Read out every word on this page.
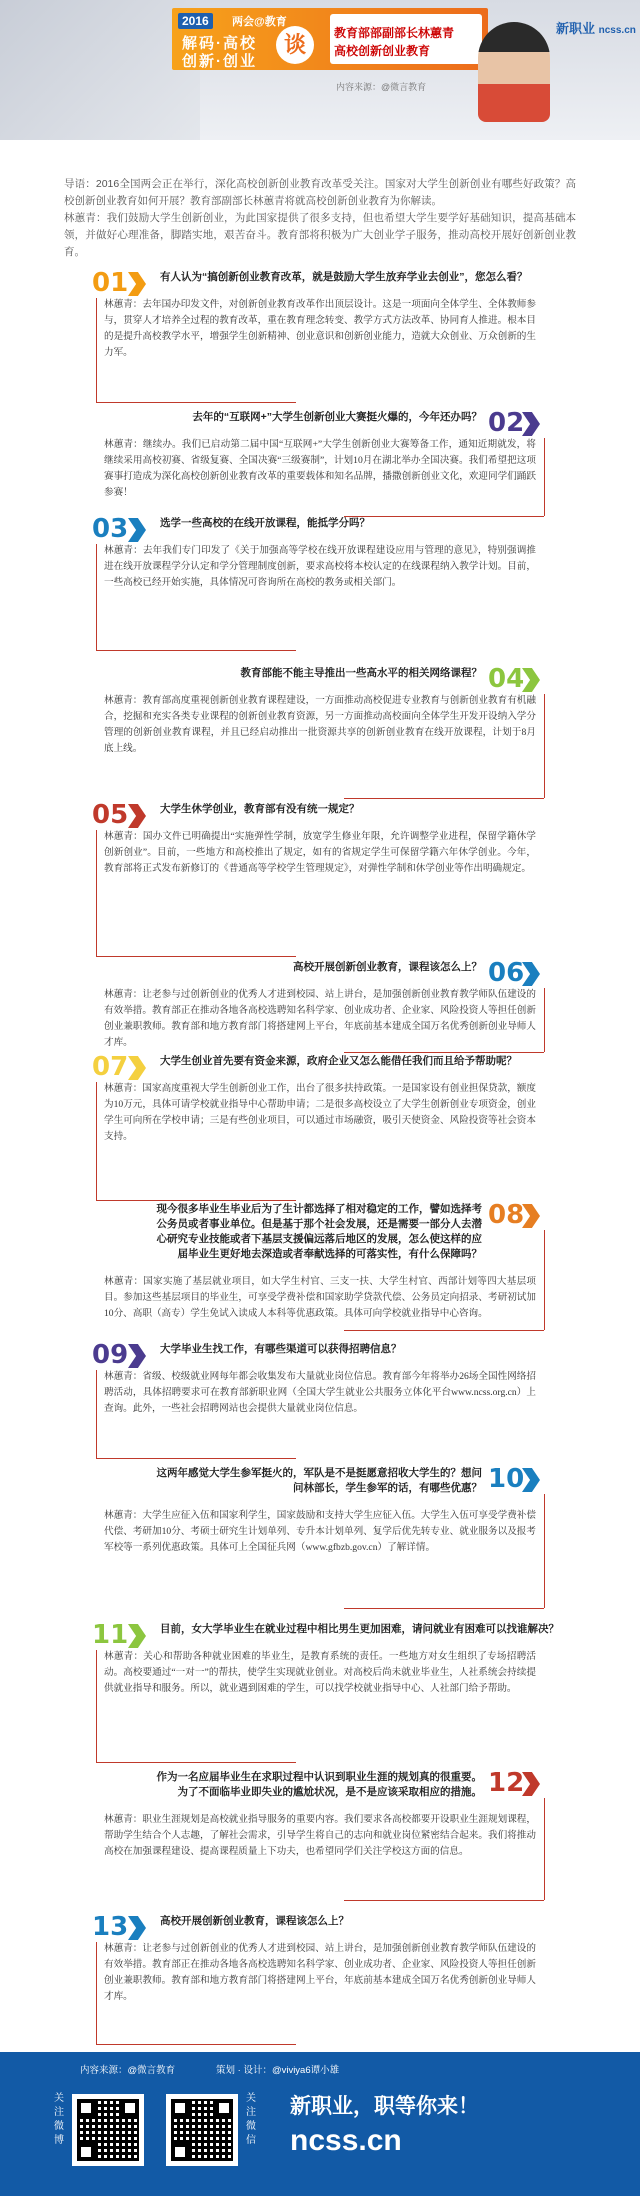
2016	两会@教育
解码·高校
创新·创业
谈	教育部部副部长林蕙青
高校创新创业教育
内容来源：@微言教育
新职业 ncss.cn

导语：2016全国两会正在举行，深化高校创新创业教育改革受关注。国家对大学生创新创业有哪些好政策？高校创新创业教育如何开展？教育部副部长林蕙青将就高校创新创业教育为你解读。

林蕙青：我们鼓励大学生创新创业，为此国家提供了很多支持，但也希望大学生要学好基础知识，提高基础本领，并做好心理准备，脚踏实地，艰苦奋斗。教育部将积极为广大创业学子服务，推动高校开展好创新创业教育。

01	有人认为“搞创新创业教育改革，就是鼓励大学生放弃学业去创业”，您怎么看？
林蕙青：去年国办印发文件，对创新创业教育改革作出顶层设计。这是一项面向全体学生、全体教师参与，贯穿人才培养全过程的教育改革，重在教育理念转变、教学方式方法改革、协同育人推进。根本目的是提升高校教学水平，增强学生创新精神、创业意识和创新创业能力，造就大众创业、万众创新的生力军。
02
去年的“互联网+”大学生创新创业大赛挺火爆的，今年还办吗？
林蕙青：继续办。我们已启动第二届中国“互联网+”大学生创新创业大赛筹备工作，通知近期就发，将继续采用高校初赛、省级复赛、全国决赛“三级赛制”，计划10月在湖北举办全国决赛。我们希望把这项赛事打造成为深化高校创新创业教育改革的重要载体和知名品牌，播撒创新创业文化，欢迎同学们踊跃参赛！
03	选学一些高校的在线开放课程，能抵学分吗？
林蕙青：去年我们专门印发了《关于加强高等学校在线开放课程建设应用与管理的意见》，特别强调推进在线开放课程学分认定和学分管理制度创新，要求高校将本校认定的在线课程纳入教学计划。目前，一些高校已经开始实施，具体情况可咨询所在高校的教务或相关部门。
04
教育部能不能主导推出一些高水平的相关网络课程？
林蕙青：教育部高度重视创新创业教育课程建设，一方面推动高校促进专业教育与创新创业教育有机融合，挖掘和充实各类专业课程的创新创业教育资源，另一方面推动高校面向全体学生开发开设纳入学分管理的创新创业教育课程，并且已经启动推出一批资源共享的创新创业教育在线开放课程，计划于8月底上线。
05	大学生休学创业，教育部有没有统一规定？
林蕙青：国办文件已明确提出“实施弹性学制，放宽学生修业年限，允许调整学业进程，保留学籍休学创新创业”。目前，一些地方和高校推出了规定，如有的省规定学生可保留学籍六年休学创业。今年，教育部将正式发布新修订的《普通高等学校学生管理规定》，对弹性学制和休学创业等作出明确规定。
06
高校开展创新创业教育，课程该怎么上？
林蕙青：让老参与过创新创业的优秀人才进到校园、站上讲台，是加强创新创业教育教学师队伍建设的有效举措。教育部正在推动各地各高校选聘知名科学家、创业成功者、企业家、风险投资人等担任创新创业兼职教师。教育部和地方教育部门将搭建网上平台，年底前基本建成全国万名优秀创新创业导师人才库。
07	大学生创业首先要有资金来源，政府企业又怎么能借任我们而且给予帮助呢？
林蕙青：国家高度重视大学生创新创业工作，出台了很多扶持政策。一是国家设有创业担保贷款，额度为10万元，具体可请学校就业指导中心帮助申请；二是很多高校设立了大学生创新创业专项资金，创业学生可向所在学校申请；三是有些创业项目，可以通过市场融资，吸引天使资金、风险投资等社会资本支持。
08
现今很多毕业生毕业后为了生计都选择了相对稳定的工作，譬如选择考公务员或者事业单位。但是基于那个社会发展，还是需要一部分人去潜心研究专业技能或者下基层支援偏远落后地区的发展，怎么使这样的应届毕业生更好地去深造或者奉献选择的可落实性，有什么保障吗？
林蕙青：国家实施了基层就业项目，如大学生村官、三支一扶、大学生村官、西部计划等四大基层项目。参加这些基层项目的毕业生，可享受学费补偿和国家助学贷款代偿、公务员定向招录、考研初试加10分、高职（高专）学生免试入读成人本科等优惠政策。具体可向学校就业指导中心咨询。
09	大学毕业生找工作，有哪些渠道可以获得招聘信息？
林蕙青：省级、校级就业网每年都会收集发布大量就业岗位信息。教育部今年将举办26场全国性网络招聘活动，具体招聘要求可在教育部新职业网（全国大学生就业公共服务立体化平台www.ncss.org.cn）上查询。此外，一些社会招聘网站也会提供大量就业岗位信息。
10
这两年感觉大学生参军挺火的，军队是不是挺愿意招收大学生的？想问问林部长，学生参军的话，有哪些优惠？
林蕙青：大学生应征入伍和国家利学生，国家鼓励和支持大学生应征入伍。大学生入伍可享受学费补偿代偿、考研加10分、考硕士研究生计划单列、专升本计划单列、复学后优先转专业、就业服务以及报考军校等一系列优惠政策。具体可上全国征兵网（www.gfbzb.gov.cn）了解详情。
11	目前，女大学毕业生在就业过程中相比男生更加困难，请问就业有困难可以找谁解决？
林蕙青：关心和帮助各种就业困难的毕业生，是教育系统的责任。一些地方对女生组织了专场招聘活动。高校要通过“一对一”的帮扶，使学生实现就业创业。对高校后尚未就业毕业生，人社系统会持续提供就业指导和服务。所以，就业遇到困难的学生，可以找学校就业指导中心、人社部门给予帮助。
12
作为一名应届毕业生在求职过程中认识到职业生涯的规划真的很重要。为了不面临毕业即失业的尴尬状况，是不是应该采取相应的措施。
林蕙青：职业生涯规划是高校就业指导服务的重要内容。我们要求各高校都要开设职业生涯规划课程，帮助学生结合个人志趣，了解社会需求，引导学生将自己的志向和就业岗位紧密结合起来。我们将推动高校在加强课程建设、提高课程质量上下功夫，也希望同学们关注学校这方面的信息。
13	高校开展创新创业教育，课程该怎么上？
林蕙青：让老参与过创新创业的优秀人才进到校园、站上讲台，是加强创新创业教育教学师队伍建设的有效举措。教育部正在推动各地各高校选聘知名科学家、创业成功者、企业家、风险投资人等担任创新创业兼职教师。教育部和地方教育部门将搭建网上平台，年底前基本建成全国万名优秀创新创业导师人才库。
内容来源：@微言教育	策划 · 设计：@viviya6谭小雄
关注微博
关注微信
新职业，职等你来！
ncss.cn
